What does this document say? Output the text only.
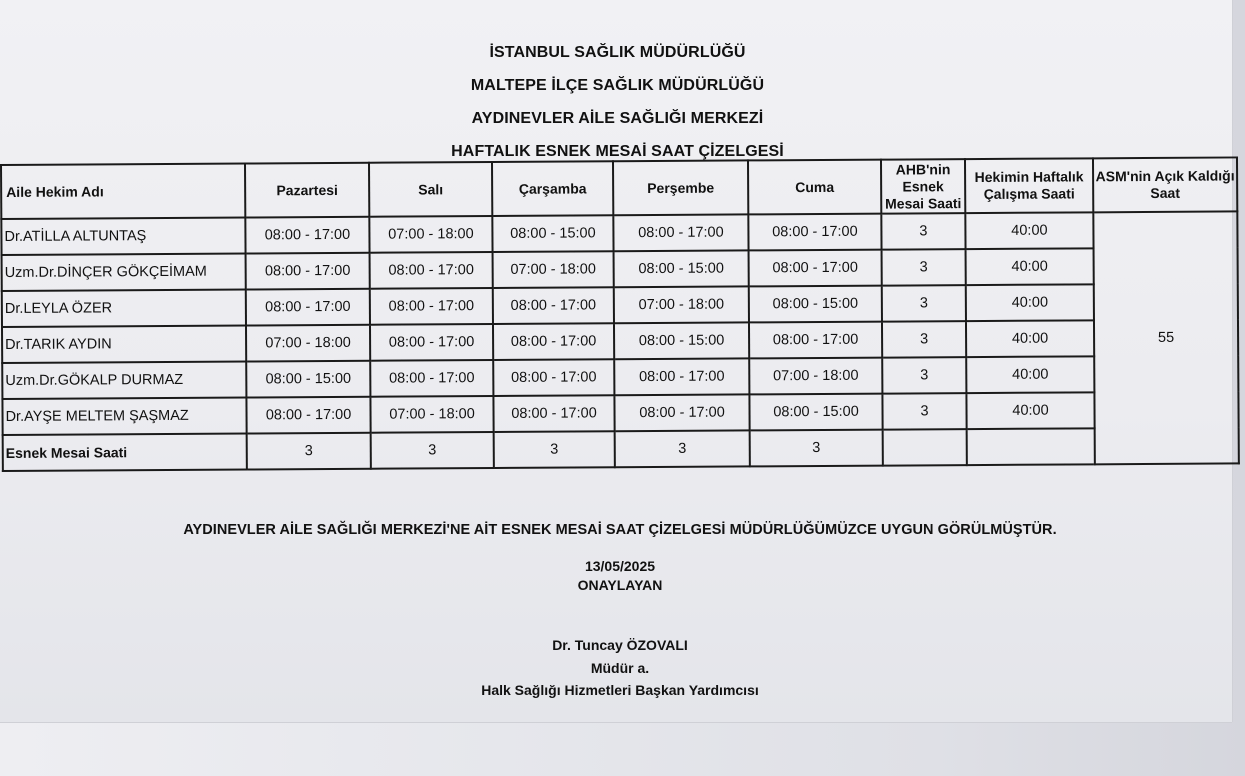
İSTANBUL SAĞLIK MÜDÜRLÜĞÜ
MALTEPE İLÇE SAĞLIK MÜDÜRLÜĞÜ
AYDINEVLER AİLE SAĞLIĞI MERKEZİ
HAFTALIK ESNEK MESAİ SAAT ÇİZELGESİ
Aile Hekim Adı	Pazartesi	Salı	Çarşamba	Perşembe	Cuma	AHB'nin Esnek Mesai Saati	Hekimin Haftalık Çalışma Saati	ASM'nin Açık Kaldığı Saat
Dr.ATİLLA ALTUNTAŞ	08:00 - 17:00	07:00 - 18:00	08:00 - 15:00	08:00 - 17:00	08:00 - 17:00	3	40:00	55
Uzm.Dr.DİNÇER GÖKÇEİMAM	08:00 - 17:00	08:00 - 17:00	07:00 - 18:00	08:00 - 15:00	08:00 - 17:00	3	40:00	
Dr.LEYLA ÖZER	08:00 - 17:00	08:00 - 17:00	08:00 - 17:00	07:00 - 18:00	08:00 - 15:00	3	40:00	
Dr.TARIK AYDIN	07:00 - 18:00	08:00 - 17:00	08:00 - 17:00	08:00 - 15:00	08:00 - 17:00	3	40:00	
Uzm.Dr.GÖKALP DURMAZ	08:00 - 15:00	08:00 - 17:00	08:00 - 17:00	08:00 - 17:00	07:00 - 18:00	3	40:00	
Dr.AYŞE MELTEM ŞAŞMAZ	08:00 - 17:00	07:00 - 18:00	08:00 - 17:00	08:00 - 17:00	08:00 - 15:00	3	40:00	
Esnek Mesai Saati	3	3	3	3	3			
AYDINEVLER AİLE SAĞLIĞI MERKEZİ'NE AİT ESNEK MESAİ SAAT ÇİZELGESİ MÜDÜRLÜĞÜMÜZCE UYGUN GÖRÜLMÜŞTÜR.
13/05/2025
ONAYLAYAN
Dr. Tuncay ÖZOVALI
Müdür a.
Halk Sağlığı Hizmetleri Başkan Yardımcısı
